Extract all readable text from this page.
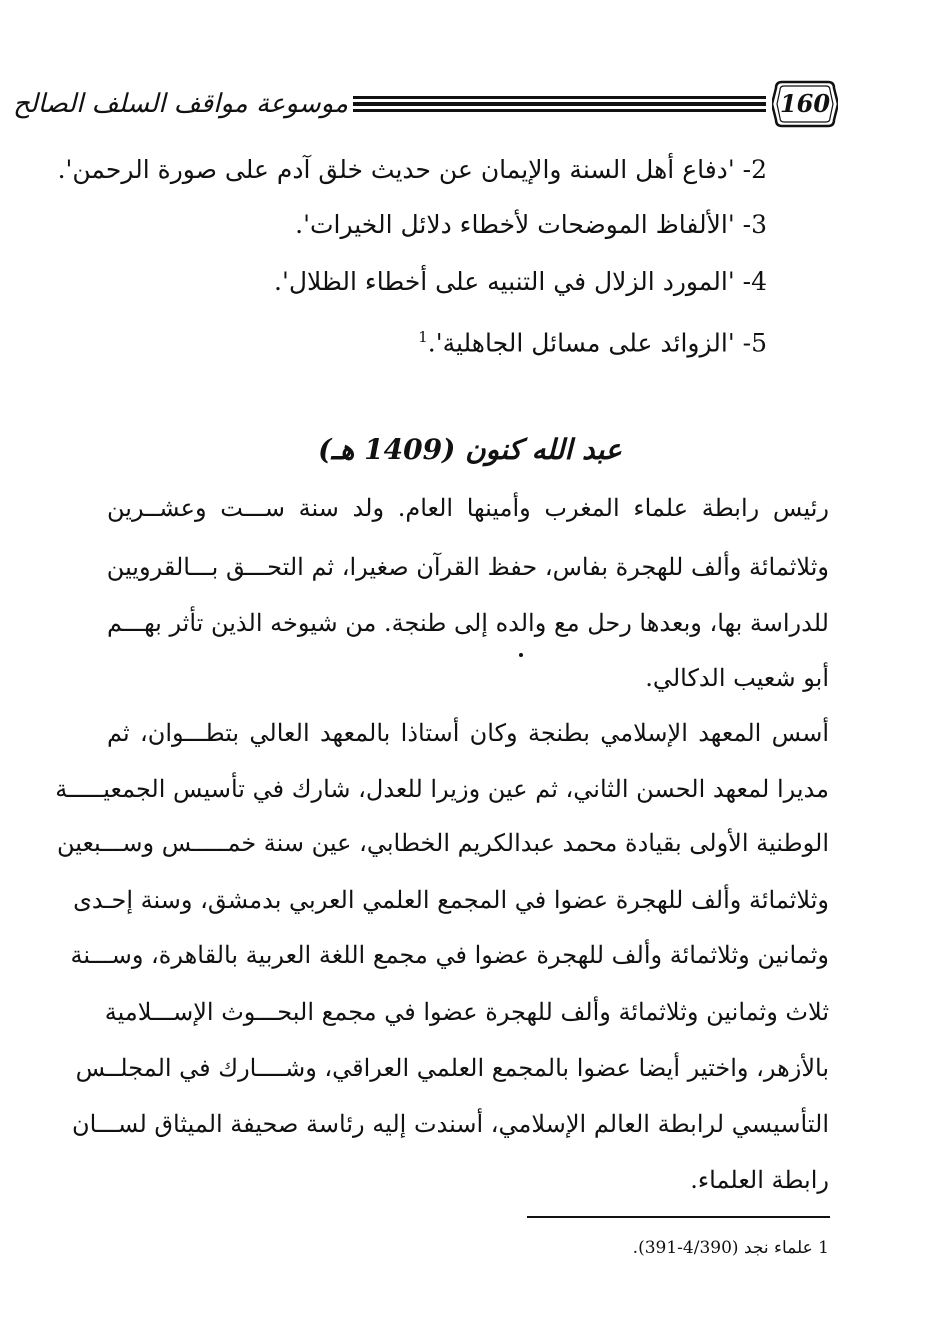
موسوعة مواقف السلف الصالح	160
2- 'دفاع أهل السنة والإيمان عن حديث خلق آدم على صورة الرحمن'.
3- 'الألفاظ الموضحات لأخطاء دلائل الخيرات'.
4- 'المورد الزلال في التنبيه على أخطاء الظلال'.
5- 'الزوائد على مسائل الجاهلية'.$^1$
عبد الله كنون (1409 هـ)
رئيس رابطة علماء المغرب وأمينها العام. ولد سنة ســـت وعشــرين
وثلاثمائة وألف للهجرة بفاس، حفظ القرآن صغيرا، ثم التحـــق بـــالقرويين
للدراسة بها، وبعدها رحل مع والده إلى طنجة. من شيوخه الذين تأثر بهـــم
أبو شعيب الدكالي.
أسس المعهد الإسلامي بطنجة وكان أستاذا بالمعهد العالي بتطـــوان، ثم
مديرا لمعهد الحسن الثاني، ثم عين وزيرا للعدل، شارك في تأسيس الجمعيـــــة
الوطنية الأولى بقيادة محمد عبدالكريم الخطابي، عين سنة خمـــــس وســـبعين
وثلاثمائة وألف للهجرة عضوا في المجمع العلمي العربي بدمشق، وسنة إحـدى
وثمانين وثلاثمائة وألف للهجرة عضوا في مجمع اللغة العربية بالقاهرة، وســـنة
ثلاث وثمانين وثلاثمائة وألف للهجرة عضوا في مجمع البحـــوث الإســـلامية
بالأزهر، واختير أيضا عضوا بالمجمع العلمي العراقي، وشــــارك في المجلــس
التأسيسي لرابطة العالم الإسلامي، أسندت إليه رئاسة صحيفة الميثاق لســـان
رابطة العلماء.
1 علماء نجد (4/390-391).
